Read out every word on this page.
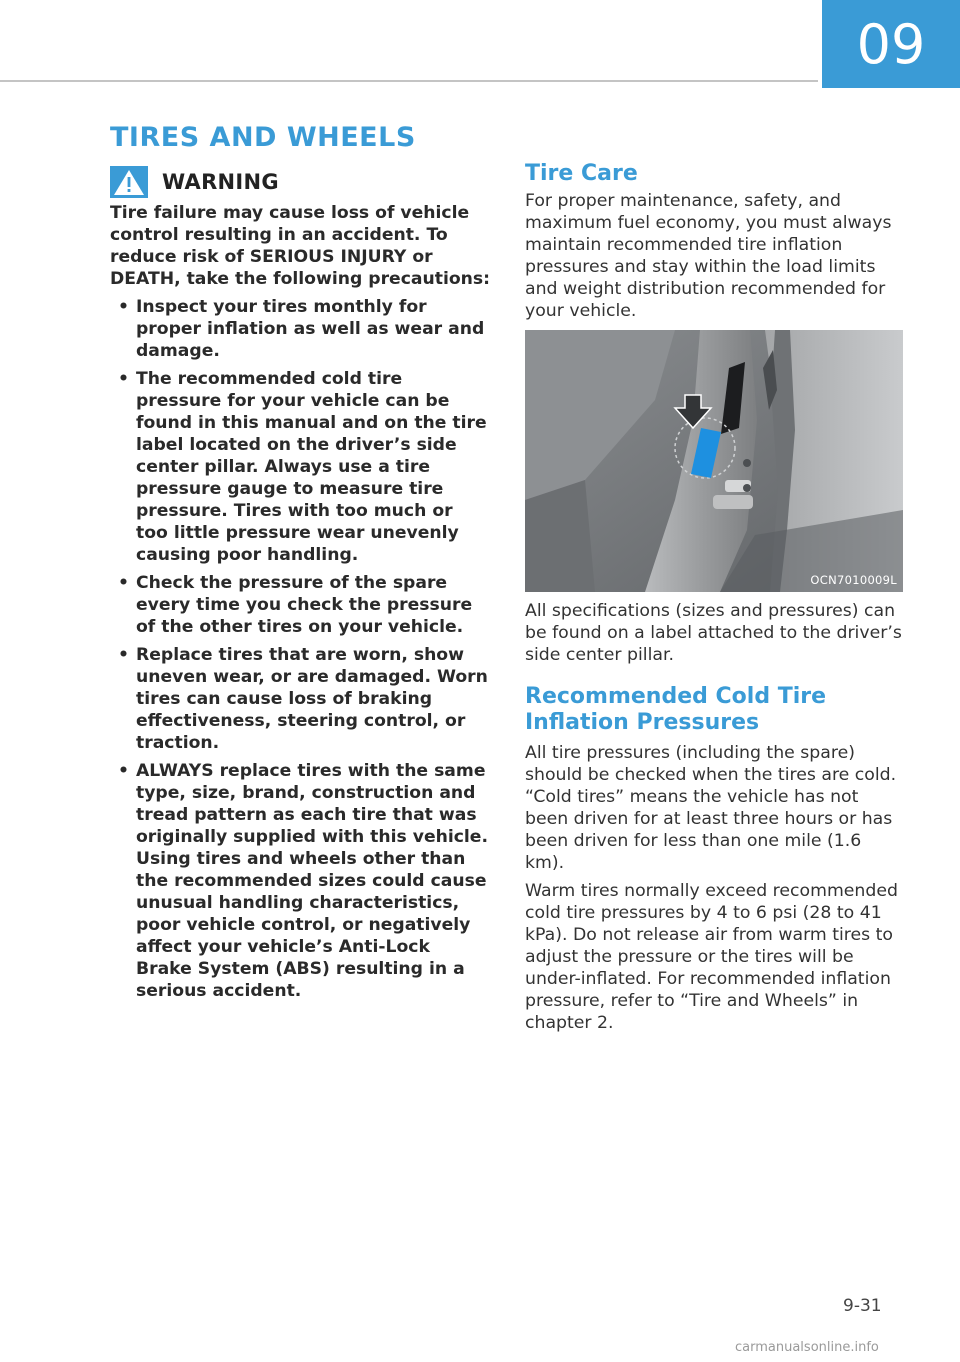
09
TIRES AND WHEELS
WARNING

Tire failure may cause loss of vehicle control resulting in an accident. To reduce risk of SERIOUS INJURY or DEATH, take the following precautions:

• Inspect your tires monthly for proper inflation as well as wear and damage.
• The recommended cold tire pressure for your vehicle can be found in this manual and on the tire label located on the driver’s side center pillar. Always use a tire pressure gauge to measure tire pressure. Tires with too much or too little pressure wear unevenly causing poor handling.
• Check the pressure of the spare every time you check the pressure of the other tires on your vehicle.
• Replace tires that are worn, show uneven wear, or are damaged. Worn tires can cause loss of braking effectiveness, steering control, or traction.
• ALWAYS replace tires with the same type, size, brand, construction and tread pattern as each tire that was originally supplied with this vehicle. Using tires and wheels other than the recommended sizes could cause unusual handling characteristics, poor vehicle control, or negatively affect your vehicle’s Anti-Lock Brake System (ABS) resulting in a serious accident.
Tire Care

For proper maintenance, safety, and maximum fuel economy, you must always maintain recommended tire inflation pressures and stay within the load limits and weight distribution recommended for your vehicle.

OCN7010009L

All specifications (sizes and pressures) can be found on a label attached to the driver’s side center pillar.

Recommended Cold Tire
Inflation Pressures

All tire pressures (including the spare) should be checked when the tires are cold. “Cold tires” means the vehicle has not been driven for at least three hours or has been driven for less than one mile (1.6 km).

Warm tires normally exceed recommended cold tire pressures by 4 to 6 psi (28 to 41 kPa). Do not release air from warm tires to adjust the pressure or the tires will be under-inflated. For recommended inflation pressure, refer to “Tire and Wheels” in chapter 2.

9-31
carmanualsonline.info
